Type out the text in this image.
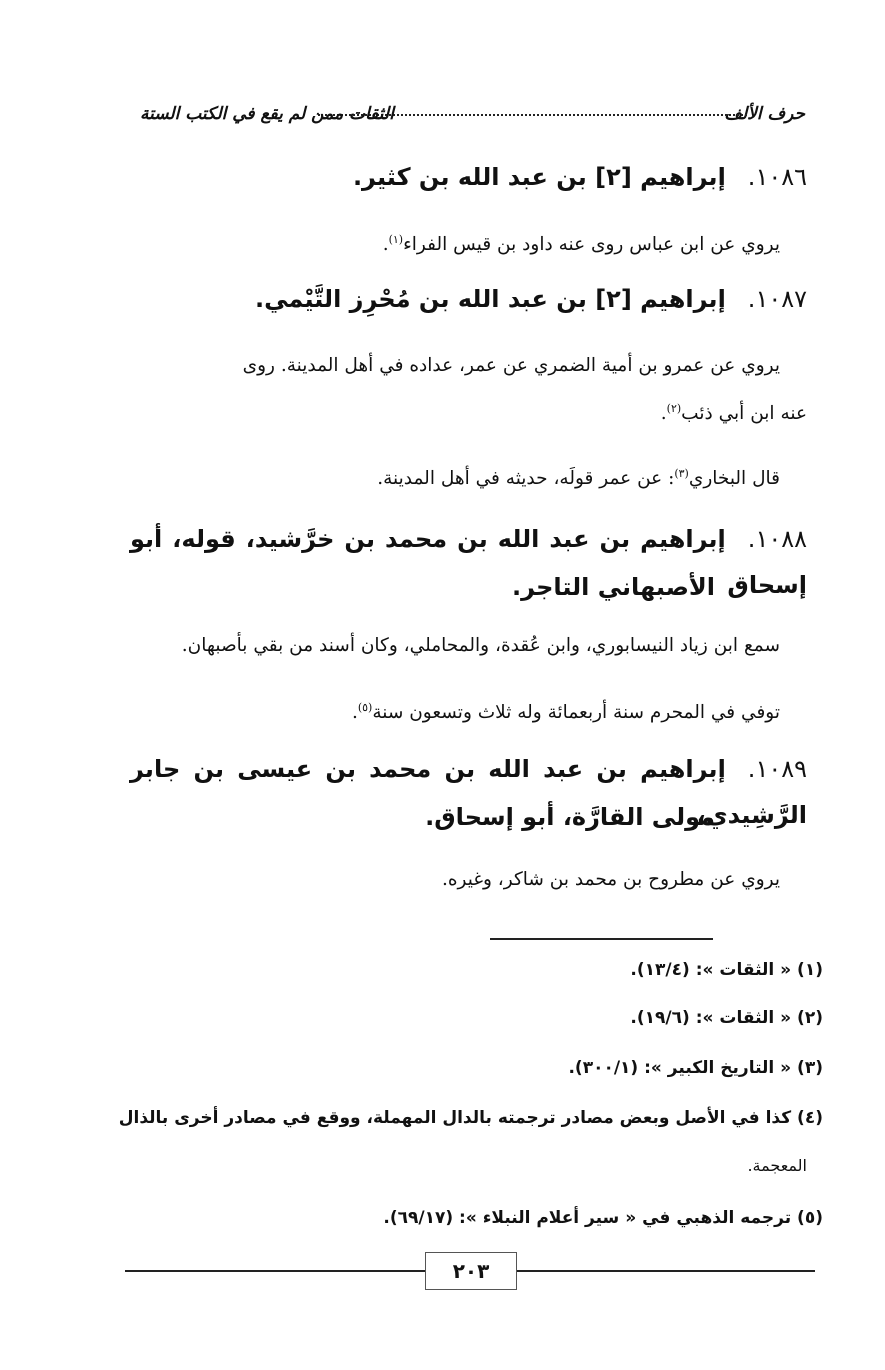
حرف الألف
الثقات ممن لم يقع في الكتب الستة
١٠٨٦.إبراهيم [٢] بن عبد الله بن كثير.
يروي عن ابن عباس روى عنه داود بن قيس الفراء$^{(١)}$.
١٠٨٧.إبراهيم [٢] بن عبد الله بن مُحْرِز التَّيْمي.
يروي عن عمرو بن أمية الضمري عن عمر، عداده في أهل المدينة. روى
عنه ابن أبي ذئب$^{(٢)}$.
قال البخاري$^{(٣)}$: عن عمر قولَه، حديثه في أهل المدينة.
١٠٨٨.إبراهيم بن عبد الله بن محمد بن خرَّشيد، قوله، أبو إسحاق
الأصبهاني التاجر.
سمع ابن زياد النيسابوري، وابن عُقدة، والمحاملي، وكان أسند من بقي بأصبهان.
توفي في المحرم سنة أربعمائة وله ثلاث وتسعون سنة$^{(٥)}$.
١٠٨٩.إبراهيم بن عبد الله بن محمد بن عيسى بن جابر الرَّشِيدي،
مولى القارَّة، أبو إسحاق.
يروي عن مطروح بن محمد بن شاكر، وغيره.
(١) « الثقات »: (١٣/٤).
(٢) « الثقات »: (١٩/٦).
(٣) « التاريخ الكبير »: (٣٠٠/١).
(٤) كذا في الأصل وبعض مصادر ترجمته بالدال المهملة، ووقع في مصادر أخرى بالذال
المعجمة.
(٥) ترجمه الذهبي في « سير أعلام النبلاء »: (٦٩/١٧).
٢٠٣
